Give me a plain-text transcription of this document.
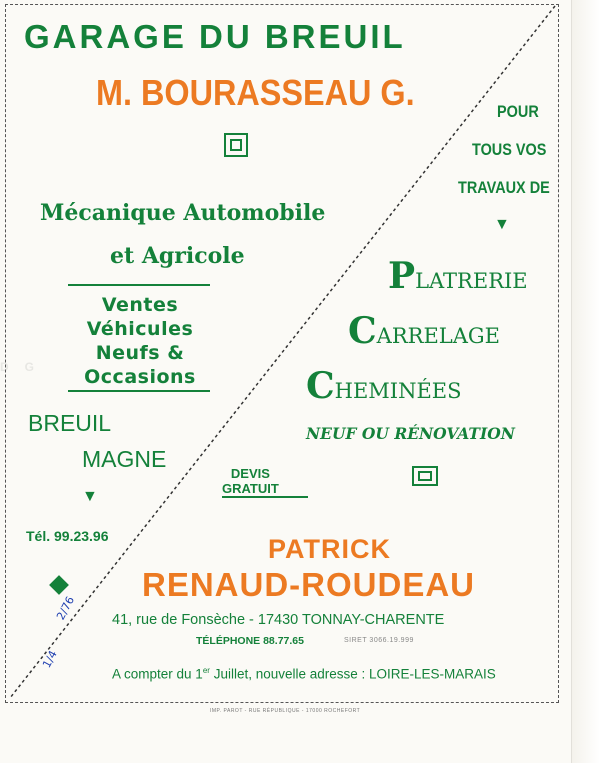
DG
GARAGE DU BREUIL
M. BOURASSEAU G.
Mécanique Automobile
et Agricole
Ventes
Véhicules
Neufs &
Occasions
BREUIL
MAGNE
▼
Tél. 99.23.96
POUR
TOUS VOS
TRAVAUX DE
▼
PLATRERIE
CARRELAGE
CHEMINÉES
NEUF OU RÉNOVATION
DEVIS
GRATUIT
PATRICK
RENAUD-ROUDEAU
41, rue de Fonsèche - 17430 TONNAY-CHARENTE
TÉLÉPHONE 88.77.65	SIRET 3066.19.999
A compter du 1er Juillet, nouvelle adresse : LOIRE-LES-MARAIS
IMP. PAROT - RUE RÉPUBLIQUE - 17000 ROCHEFORT
2/76
1/4
